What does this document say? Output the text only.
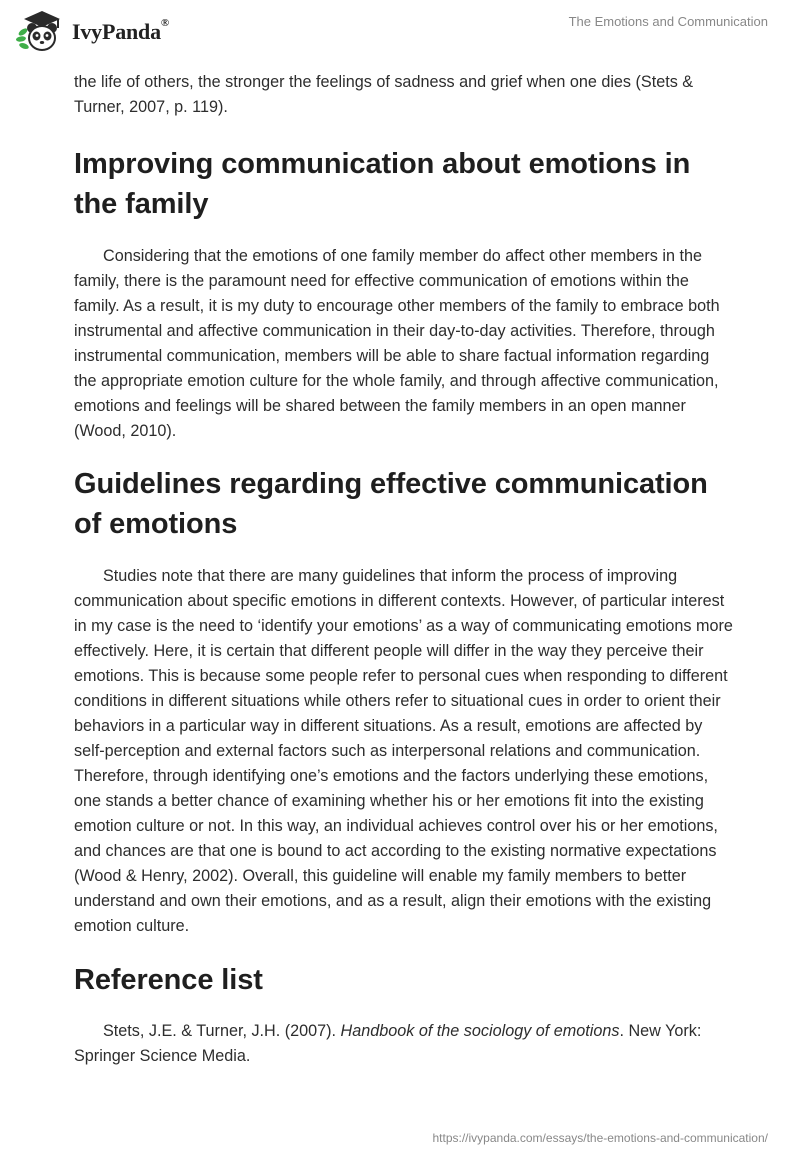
IvyPanda®	The Emotions and Communication

the life of others, the stronger the feelings of sadness and grief when one dies (Stets & Turner, 2007, p. 119).

Improving communication about emotions in the family

Considering that the emotions of one family member do affect other members in the family, there is the paramount need for effective communication of emotions within the family. As a result, it is my duty to encourage other members of the family to embrace both instrumental and affective communication in their day-to-day activities. Therefore, through instrumental communication, members will be able to share factual information regarding the appropriate emotion culture for the whole family, and through affective communication, emotions and feelings will be shared between the family members in an open manner (Wood, 2010).

Guidelines regarding effective communication of emotions

Studies note that there are many guidelines that inform the process of improving communication about specific emotions in different contexts. However, of particular interest in my case is the need to ‘identify your emotions’ as a way of communicating emotions more effectively. Here, it is certain that different people will differ in the way they perceive their emotions. This is because some people refer to personal cues when responding to different conditions in different situations while others refer to situational cues in order to orient their behaviors in a particular way in different situations. As a result, emotions are affected by self-perception and external factors such as interpersonal relations and communication. Therefore, through identifying one’s emotions and the factors underlying these emotions, one stands a better chance of examining whether his or her emotions fit into the existing emotion culture or not. In this way, an individual achieves control over his or her emotions, and chances are that one is bound to act according to the existing normative expectations (Wood & Henry, 2002). Overall, this guideline will enable my family members to better understand and own their emotions, and as a result, align their emotions with the existing emotion culture.

Reference list

Stets, J.E. & Turner, J.H. (2007). Handbook of the sociology of emotions. New York: Springer Science Media.

https://ivypanda.com/essays/the-emotions-and-communication/
